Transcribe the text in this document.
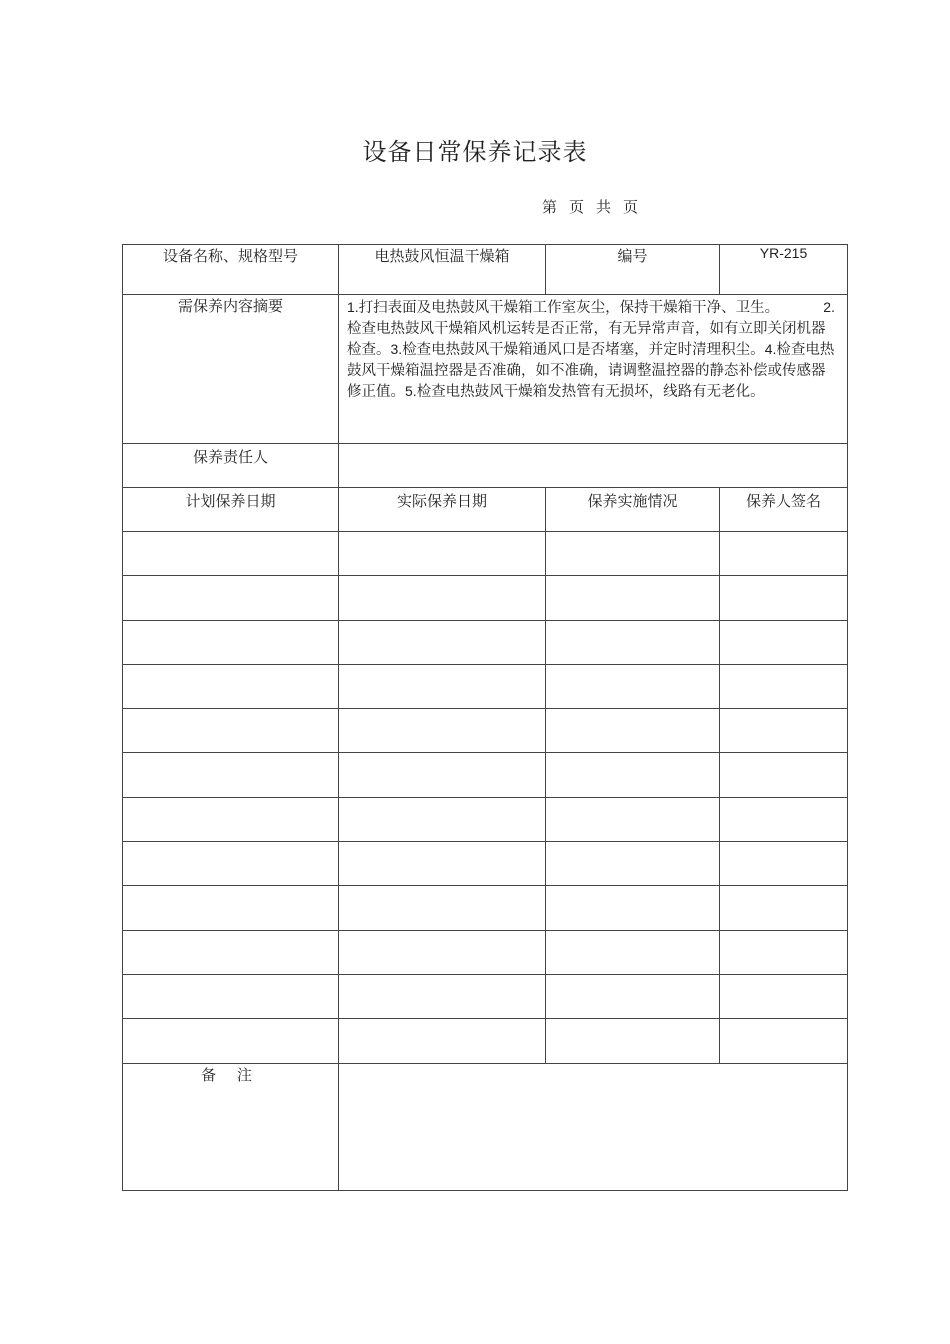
设备日常保养记录表
第 页 共 页
设备名称、规格型号	电热鼓风恒温干燥箱	编号	YR-215
需保养内容摘要	1.打扫表面及电热鼓风干燥箱工作室灰尘，保持干燥箱干净、卫生。 2.检查电热鼓风干燥箱风机运转是否正常，有无异常声音，如有立即关闭机器检查。3.检查电热鼓风干燥箱通风口是否堵塞，并定时清理积尘。4.检查电热鼓风干燥箱温控器是否准确，如不准确，请调整温控器的静态补偿或传感器修正值。5.检查电热鼓风干燥箱发热管有无损坏，线路有无老化。		

保养责任人			
计划保养日期	实际保养日期	保养实施情况	保养人签名

备 注			
